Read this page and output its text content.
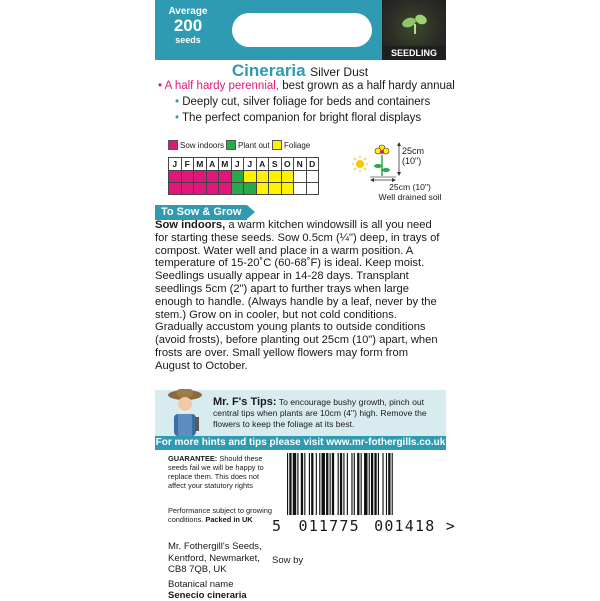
Average
200
seeds
SEEDLING
Cineraria Silver Dust
• A half hardy perennial, best grown as a half hardy annual
• Deeply cut, silver foliage for beds and containers
• The perfect companion for bright floral displays
Sow indoors Plant out Foliage
J	F	M	A	M	J	J	A	S	O	N	D

25cm
(10")
25cm (10")
Well drained soil
To Sow & Grow
Sow indoors, a warm kitchen windowsill is all you need for starting these seeds. Sow 0.5cm (¼") deep, in trays of compost. Water well and place in a warm position. A temperature of 15-20˚C (60-68˚F) is ideal. Keep moist. Seedlings usually appear in 14-28 days. Transplant seedlings 5cm (2") apart to further trays when large enough to handle. (Always handle by a leaf, never by the stem.) Grow on in cooler, but not cold conditions. Gradually accustom young plants to outside conditions (avoid frosts), before planting out 25cm (10") apart, when frosts are over. Small yellow flowers may form from August to October.
Mr. F's Tips: To encourage bushy growth, pinch out central tips when plants are 10cm (4") high. Remove the flowers to keep the foliage at its best.
For more hints and tips please visit www.mr-fothergills.co.uk
GUARANTEE: Should these seeds fail we will be happy to replace them. This does not affect your statutory rights
Performance subject to growing conditions. Packed in UK	5 011775 001418 >
Mr. Fothergill's Seeds,
Kentford, Newmarket,
CB8 7QB, UK
Sow by
Botanical name
Senecio cineraria
